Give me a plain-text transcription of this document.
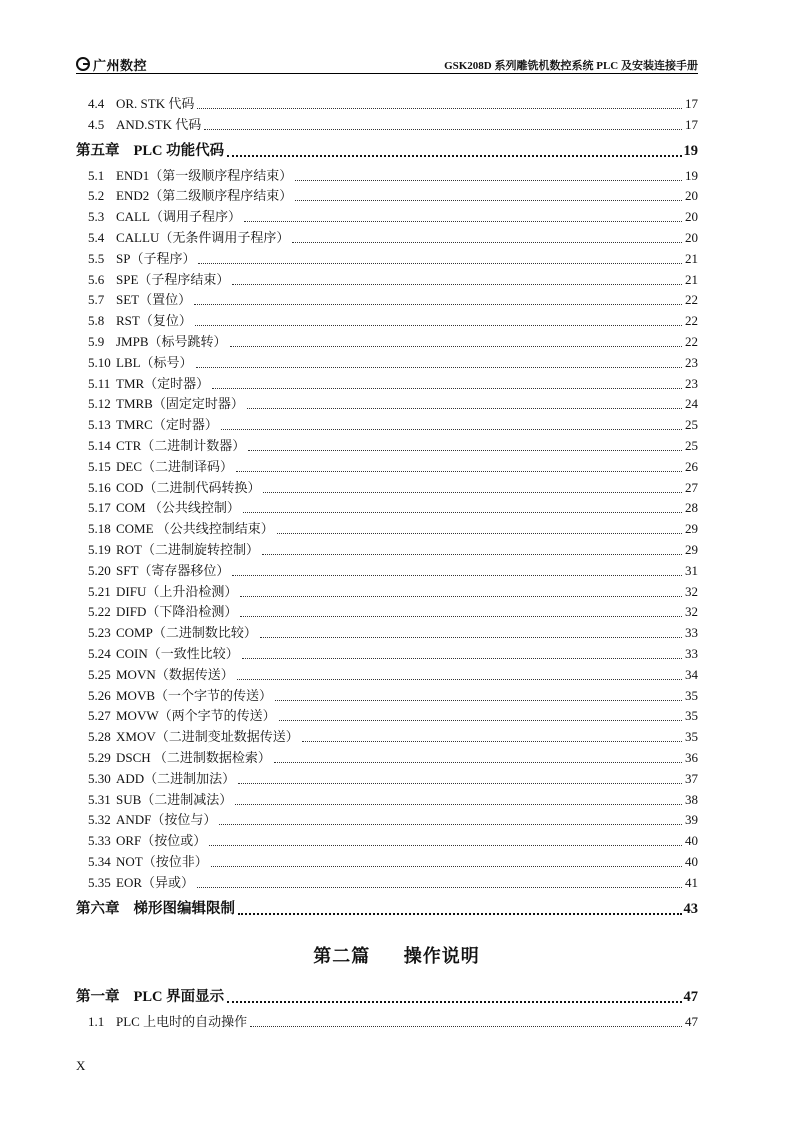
广州数控	GSK208D 系列雕铣机数控系统 PLC 及安装连接手册
4.4 OR. STK 代码	17
4.5 AND.STK 代码	17
第五章 PLC 功能代码	19
5.1 END1（第一级顺序程序结束）	19
5.2 END2（第二级顺序程序结束）	20
5.3 CALL（调用子程序）	20
5.4 CALLU（无条件调用子程序）	20
5.5 SP（子程序）	21
5.6 SPE（子程序结束）	21
5.7 SET（置位）	22
5.8 RST（复位）	22
5.9 JMPB（标号跳转）	22
5.10 LBL（标号）	23
5.11 TMR（定时器）	23
5.12 TMRB（固定定时器）	24
5.13 TMRC（定时器）	25
5.14 CTR（二进制计数器）	25
5.15 DEC（二进制译码）	26
5.16 COD（二进制代码转换）	27
5.17 COM （公共线控制）	28
5.18 COME （公共线控制结束）	29
5.19 ROT（二进制旋转控制）	29
5.20 SFT（寄存器移位）	31
5.21 DIFU（上升沿检测）	32
5.22 DIFD（下降沿检测）	32
5.23 COMP（二进制数比较）	33
5.24 COIN（一致性比较）	33
5.25 MOVN（数据传送）	34
5.26 MOVB（一个字节的传送）	35
5.27 MOVW（两个字节的传送）	35
5.28 XMOV（二进制变址数据传送）	35
5.29 DSCH （二进制数据检索）	36
5.30 ADD（二进制加法）	37
5.31 SUB（二进制减法）	38
5.32 ANDF（按位与）	39
5.33 ORF（按位或）	40
5.34 NOT（按位非）	40
5.35 EOR（异或）	41
第六章 梯形图编辑限制	43
第二篇 操作说明
第一章 PLC 界面显示	47
1.1 PLC 上电时的自动操作	47
X
